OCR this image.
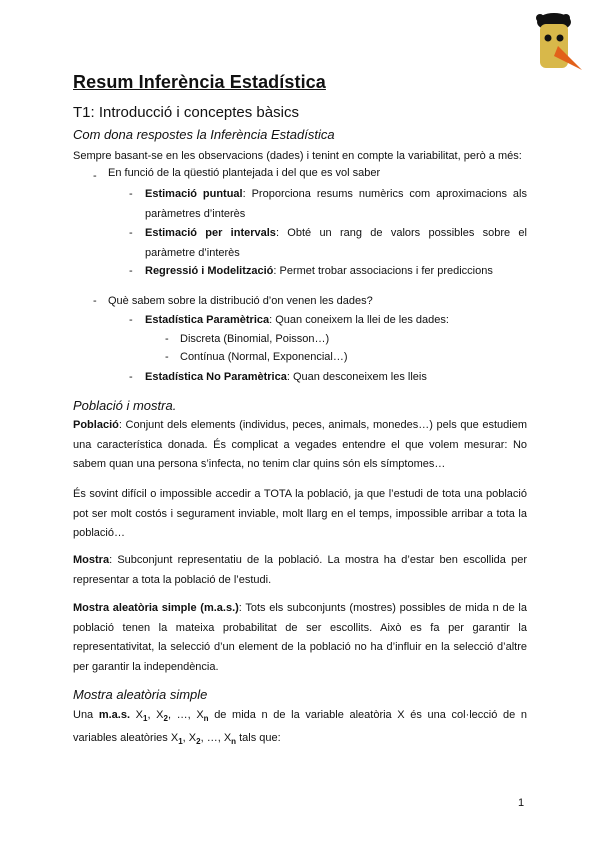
Resum Inferència Estadística
T1: Introducció i conceptes bàsics
Com dona respostes la Inferència Estadística
Sempre basant-se en les observacions (dades) i tenint en compte la variabilitat, però a més:
- En funció de la qüestió plantejada i del que es vol saber
- Estimació puntual: Proporciona resums numèrics com aproximacions als paràmetres d’interès
- Estimació per intervals: Obté un rang de valors possibles sobre el paràmetre d’interès
- Regressió i Modelització: Permet trobar associacions i fer prediccions
- Què sabem sobre la distribució d’on venen les dades?
- Estadística Paramètrica: Quan coneixem la llei de les dades:
- Discreta (Binomial, Poisson…)
- Contínua (Normal, Exponencial…)
- Estadística No Paramètrica: Quan desconeixem les lleis
Població i mostra.
Població: Conjunt dels elements (individus, peces, animals, monedes…) pels que estudiem una característica donada. És complicat a vegades entendre el que volem mesurar: No sabem quan una persona s’infecta, no tenim clar quins són els símptomes…
És sovint difícil o impossible accedir a TOTA la població, ja que l’estudi de tota una població pot ser molt costós i segurament inviable, molt llarg en el temps, impossible arribar a tota la població…
Mostra: Subconjunt representatiu de la població. La mostra ha d’estar ben escollida per representar a tota la població de l’estudi.
Mostra aleatòria simple (m.a.s.): Tots els subconjunts (mostres) possibles de mida n de la població tenen la mateixa probabilitat de ser escollits. Això es fa per garantir la representativitat, la selecció d’un element de la població no ha d’influir en la selecció d’altre per garantir la independència.
Mostra aleatòria simple
Una m.a.s. $X_1$, $X_2$, …, $X_n$ de mida n de la variable aleatòria X és una col·lecció de n variables aleatòries $X_1$, $X_2$, …, $X_n$ tals que:
1
